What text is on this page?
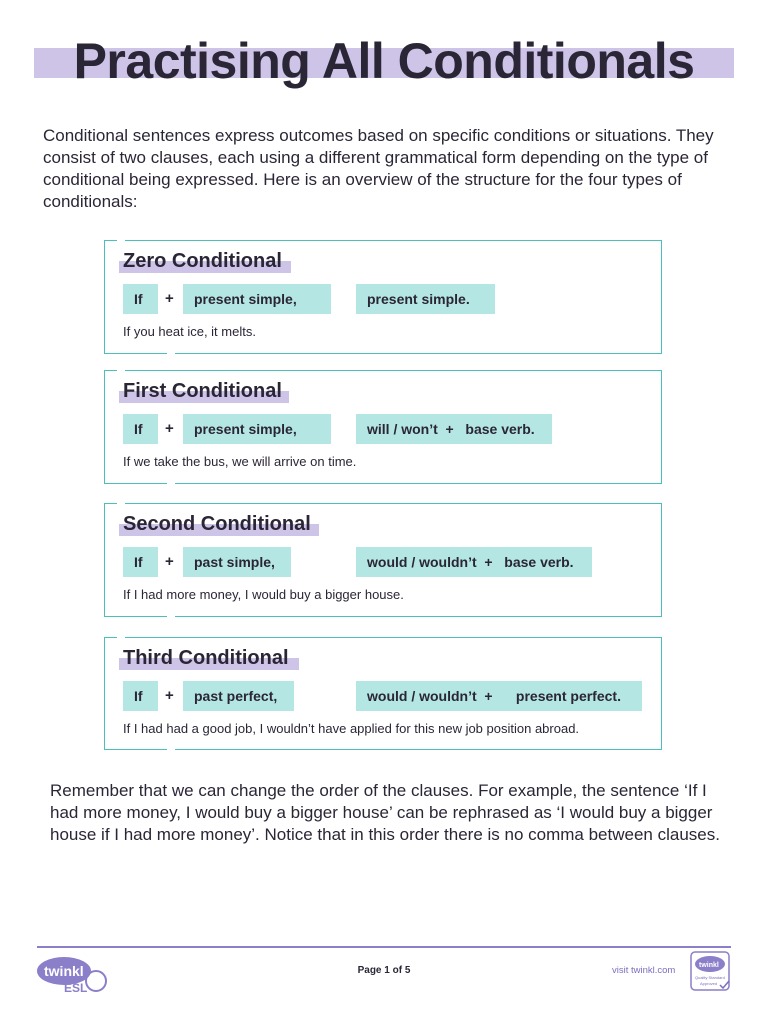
Practising All Conditionals

Conditional sentences express outcomes based on specific conditions or situations. They consist of two clauses, each using a different grammatical form depending on the type of conditional being expressed. Here is an overview of the structure for the four types of conditionals:

Zero Conditional
If	+	present simple,	present simple.
If you heat ice, it melts.
First Conditional
If	+	present simple,	will / won’t  +   base verb.
If we take the bus, we will arrive on time.
Second Conditional
If	+	past simple,	would / wouldn’t  +   base verb.
If I had more money, I would buy a bigger house.
Third Conditional
If	+	past perfect,	would / wouldn’t  +      present perfect.
If I had had a good job, I wouldn’t have applied for this new job position abroad.

Remember that we can change the order of the clauses. For example, the sentence ‘If I had more money, I would buy a bigger house’ can be rephrased as ‘I would buy a bigger house if I had more money’. Notice that in this order there is no comma between clauses.

twinkl
ESL
Page 1 of 5	visit twinkl.com	twinkl
Quality Standard
Approved
